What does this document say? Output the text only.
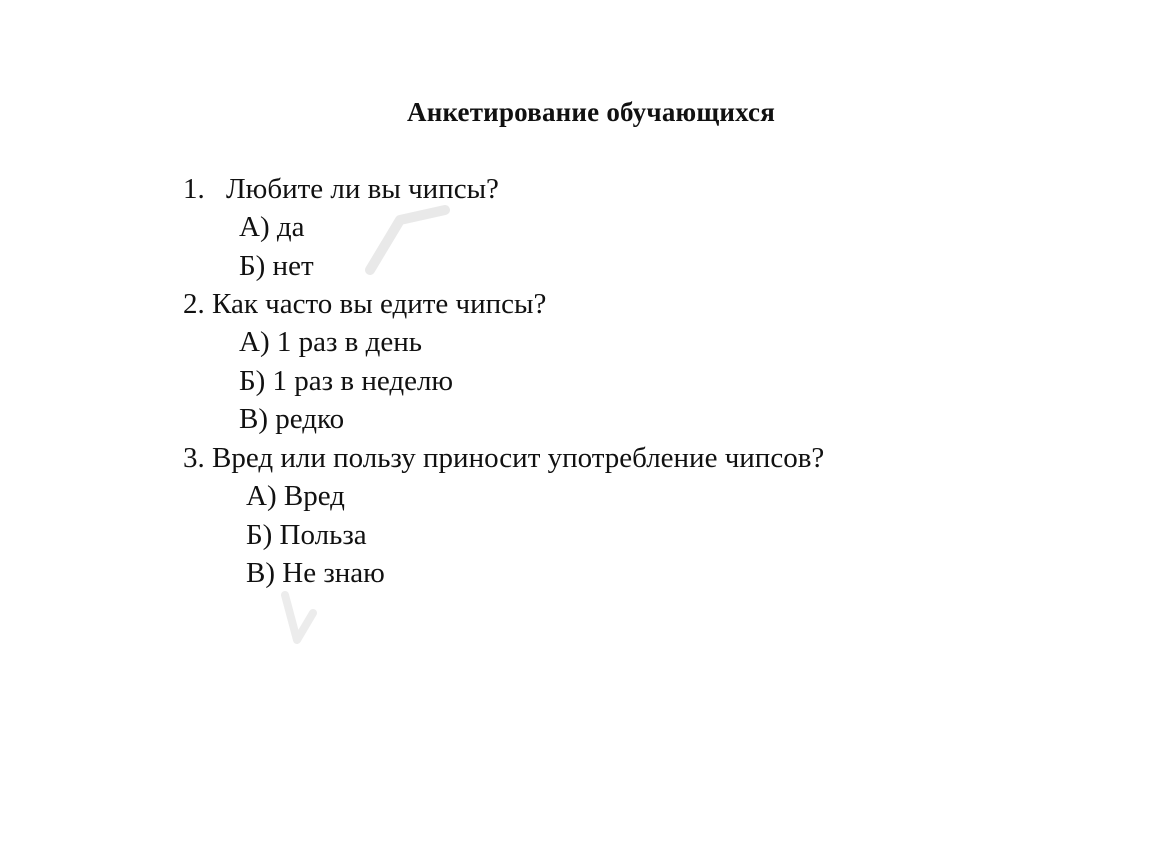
Анкетирование обучающихся
1. Любите ли вы чипсы?
А) да
Б) нет
2. Как часто вы едите чипсы?
А) 1 раз в день
Б) 1 раз в неделю
В) редко
3. Вред или пользу приносит употребление чипсов?
А) Вред
Б) Польза
В) Не знаю
